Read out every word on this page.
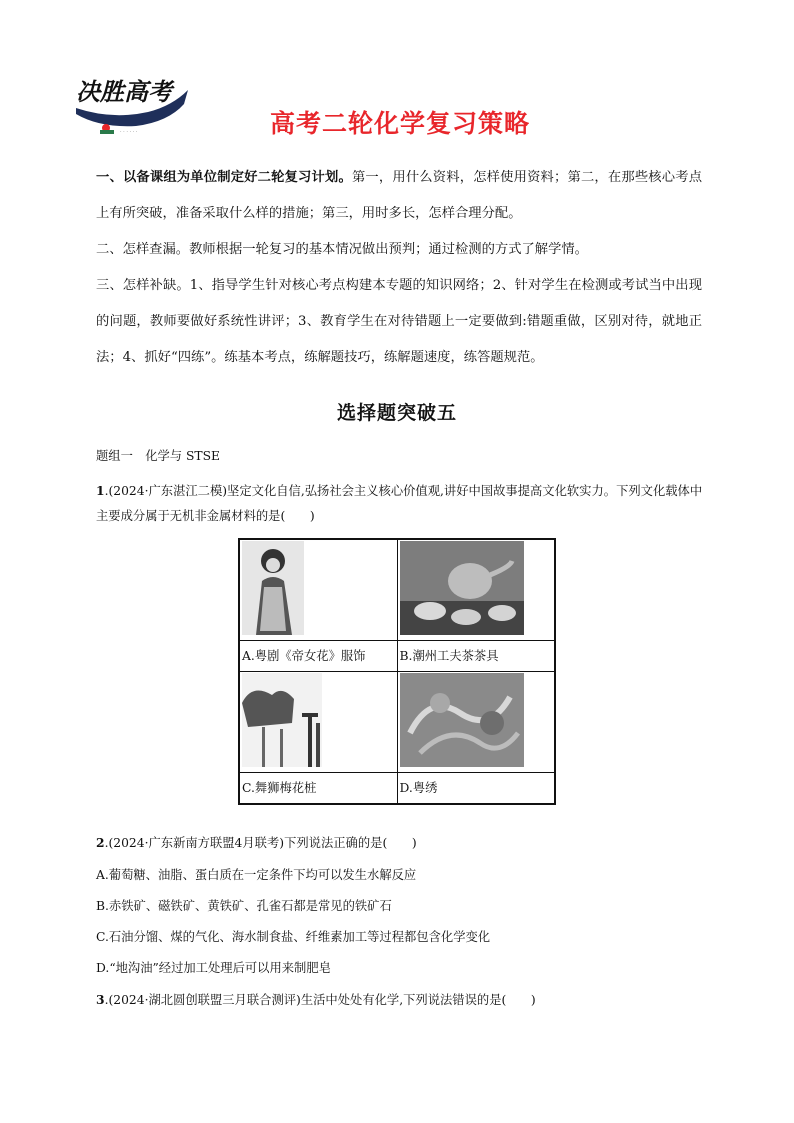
决胜高考
· · · · · ·	高考二轮化学复习策略

一、以备课组为单位制定好二轮复习计划。第一，用什么资料，怎样使用资料；第二，在那些核心考点上有所突破，准备采取什么样的措施；第三，用时多长，怎样合理分配。

二、怎样查漏。教师根据一轮复习的基本情况做出预判；通过检测的方式了解学情。

三、怎样补缺。1、指导学生针对核心考点构建本专题的知识网络；2、针对学生在检测或考试当中出现的问题，教师要做好系统性讲评；3、教育学生在对待错题上一定要做到:错题重做，区别对待，就地正法；4、抓好“四练”。练基本考点，练解题技巧，练解题速度，练答题规范。

选择题突破五
题组一　化学与 STSE
1.(2024·广东湛江二模)坚定文化自信,弘扬社会主义核心价值观,讲好中国故事提高文化软实力。下列文化载体中主要成分属于无机非金属材料的是(　　)

A.粤剧《帝女花》服饰	B.潮州工夫茶茶具

C.舞狮梅花桩	D.粤绣
2.(2024·广东新南方联盟4月联考)下列说法正确的是(　　)
A.葡萄糖、油脂、蛋白质在一定条件下均可以发生水解反应
B.赤铁矿、磁铁矿、黄铁矿、孔雀石都是常见的铁矿石
C.石油分馏、煤的气化、海水制食盐、纤维素加工等过程都包含化学变化
D.“地沟油”经过加工处理后可以用来制肥皂
3.(2024·湖北圆创联盟三月联合测评)生活中处处有化学,下列说法错误的是(　　)
